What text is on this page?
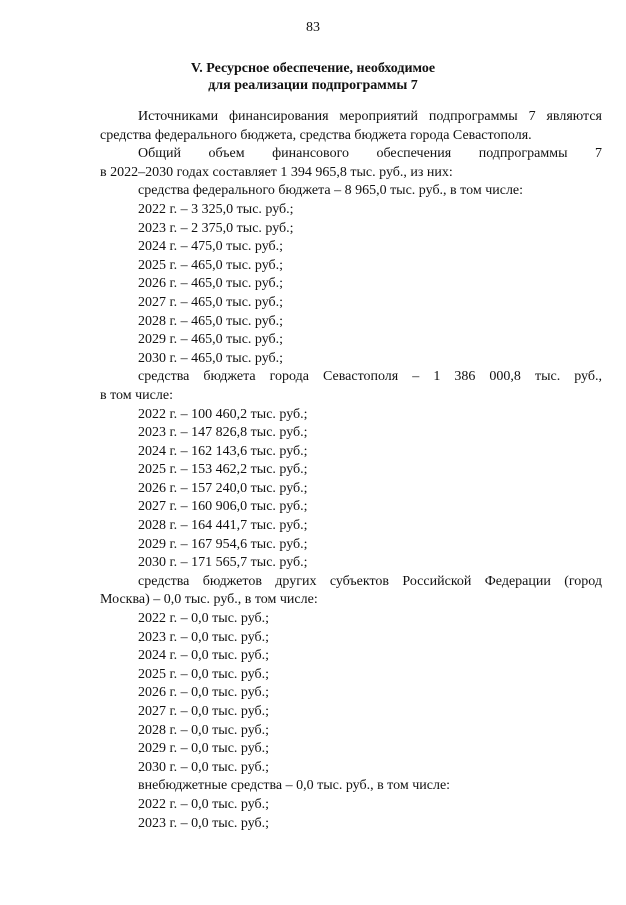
83
V. Ресурсное обеспечение, необходимое
для реализации подпрограммы 7
Источниками финансирования мероприятий подпрограммы 7 являются
средства федерального бюджета, средства бюджета города Севастополя.
Общий объем финансового обеспечения подпрограммы 7
в 2022–2030 годах составляет 1 394 965,8 тыс. руб., из них:
средства федерального бюджета – 8 965,0 тыс. руб., в том числе:
2022 г. – 3 325,0 тыс. руб.;
2023 г. – 2 375,0 тыс. руб.;
2024 г. – 475,0 тыс. руб.;
2025 г. – 465,0 тыс. руб.;
2026 г. – 465,0 тыс. руб.;
2027 г. – 465,0 тыс. руб.;
2028 г. – 465,0 тыс. руб.;
2029 г. – 465,0 тыс. руб.;
2030 г. – 465,0 тыс. руб.;
средства бюджета города Севастополя – 1 386 000,8 тыс. руб.,
в том числе:
2022 г. – 100 460,2 тыс. руб.;
2023 г. – 147 826,8 тыс. руб.;
2024 г. – 162 143,6 тыс. руб.;
2025 г. – 153 462,2 тыс. руб.;
2026 г. – 157 240,0 тыс. руб.;
2027 г. – 160 906,0 тыс. руб.;
2028 г. – 164 441,7 тыс. руб.;
2029 г. – 167 954,6 тыс. руб.;
2030 г. – 171 565,7 тыс. руб.;
средства бюджетов других субъектов Российской Федерации (город
Москва) – 0,0 тыс. руб., в том числе:
2022 г. – 0,0 тыс. руб.;
2023 г. – 0,0 тыс. руб.;
2024 г. – 0,0 тыс. руб.;
2025 г. – 0,0 тыс. руб.;
2026 г. – 0,0 тыс. руб.;
2027 г. – 0,0 тыс. руб.;
2028 г. – 0,0 тыс. руб.;
2029 г. – 0,0 тыс. руб.;
2030 г. – 0,0 тыс. руб.;
внебюджетные средства – 0,0 тыс. руб., в том числе:
2022 г. – 0,0 тыс. руб.;
2023 г. – 0,0 тыс. руб.;
